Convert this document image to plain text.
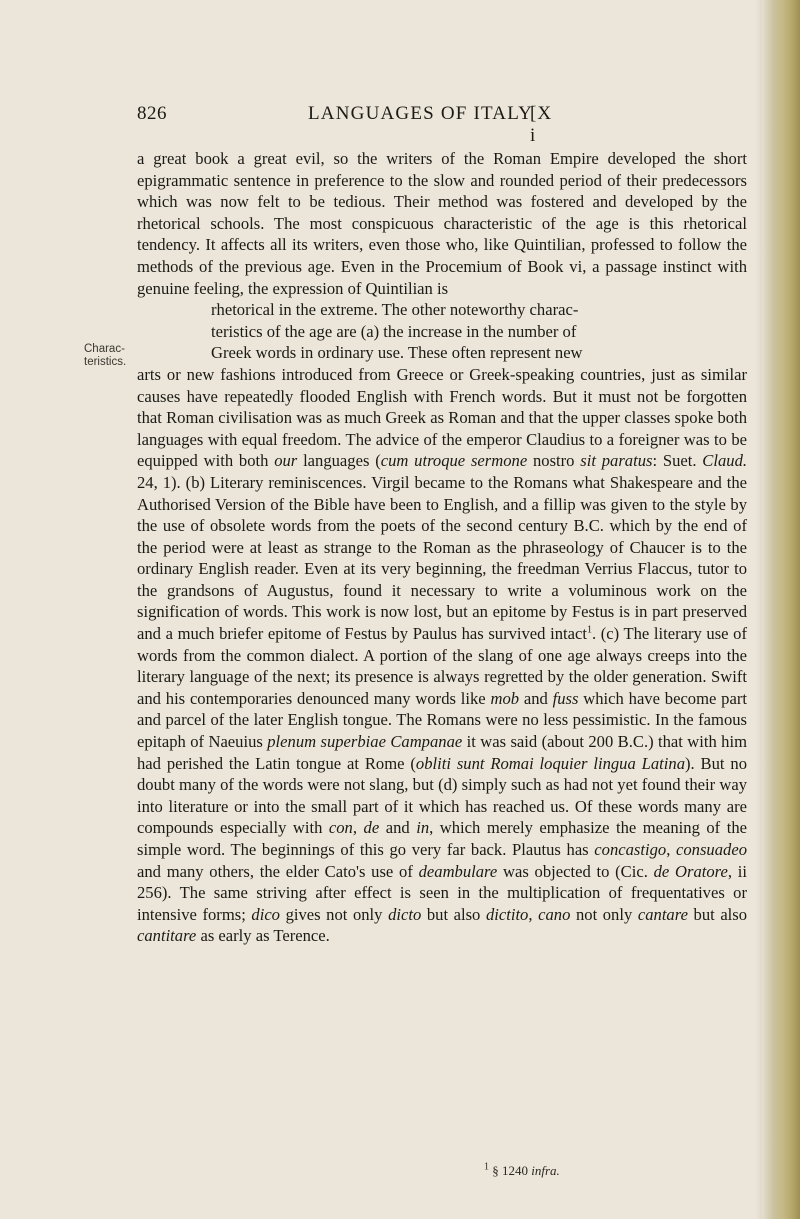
826	LANGUAGES OF ITALY
[X i
Charac-teristics.

a great book a great evil, so the writers of the Roman Empire developed the short epigrammatic sentence in preference to the slow and rounded period of their predecessors which was now felt to be tedious. Their method was fostered and developed by the rhetorical schools. The most conspicuous characteristic of the age is this rhetorical tendency. It affects all its writers, even those who, like Quintilian, professed to follow the methods of the previous age. Even in the Procemium of Book vi, a passage instinct with genuine feeling, the expression of Quintilian is
rhetorical in the extreme. The other noteworthy charac-
teristics of the age are (a) the increase in the number of
Greek words in ordinary use. These often represent new
arts or new fashions introduced from Greece or Greek-speaking countries, just as similar causes have repeatedly flooded English with French words. But it must not be forgotten that Roman civilisation was as much Greek as Roman and that the upper classes spoke both languages with equal freedom. The advice of the emperor Claudius to a foreigner was to be equipped with both our languages (cum utroque sermone nostro sit paratus: Suet. Claud. 24, 1). (b) Literary reminiscences. Virgil became to the Romans what Shakespeare and the Authorised Version of the Bible have been to English, and a fillip was given to the style by the use of obsolete words from the poets of the second century B.C. which by the end of the period were at least as strange to the Roman as the phraseology of Chaucer is to the ordinary English reader. Even at its very beginning, the freedman Verrius Flaccus, tutor to the grandsons of Augustus, found it necessary to write a voluminous work on the signification of words. This work is now lost, but an epitome by Festus is in part preserved and a much briefer epitome of Festus by Paulus has survived intact$^1$. (c) The literary use of words from the common dialect. A portion of the slang of one age always creeps into the literary language of the next; its presence is always regretted by the older generation. Swift and his contemporaries denounced many words like mob and fuss which have become part and parcel of the later English tongue. The Romans were no less pessimistic. In the famous epitaph of Naeuius plenum superbiae Campanae it was said (about 200 B.C.) that with him had perished the Latin tongue at Rome (obliti sunt Romai loquier lingua Latina). But no doubt many of the words were not slang, but (d) simply such as had not yet found their way into literature or into the small part of it which has reached us. Of these words many are compounds especially with con, de and in, which merely emphasize the meaning of the simple word. The beginnings of this go very far back. Plautus has concastigo, consuadeo and many others, the elder Cato's use of deambulare was objected to (Cic. de Oratore, ii 256). The same striving after effect is seen in the multiplication of frequentatives or intensive forms; dico gives not only dicto but also dictito, cano not only cantare but also cantitare as early as Terence.

$^1$ § 1240 infra.
